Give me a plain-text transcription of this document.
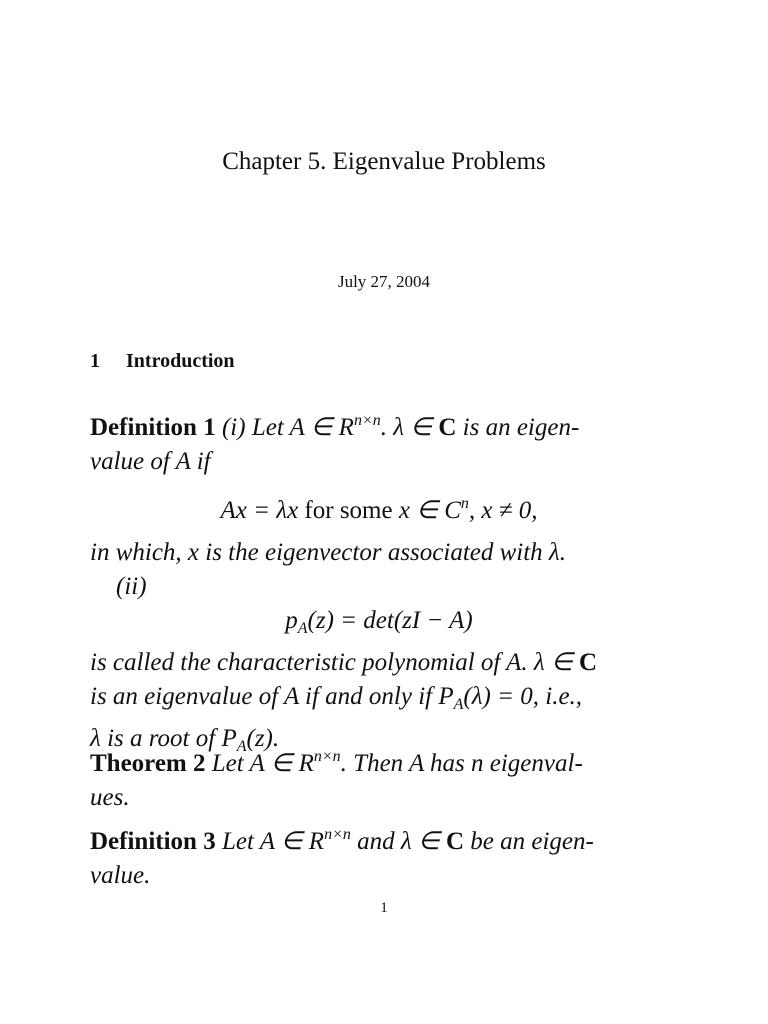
Chapter 5. Eigenvalue Problems
July 27, 2004
1 Introduction
Definition 1 (i) Let A ∈ $R^{n\times n}$. λ ∈ C is an eigen-
value of A if
Ax = λx for some x ∈ $C^n$, x ≠ 0,
in which, x is the eigenvector associated with λ.
(ii)
$p_A(z) = \det(zI - A)$
is called the characteristic polynomial of A. λ ∈ C
is an eigenvalue of A if and only if $P_A(\lambda) = 0$, i.e.,
λ is a root of $P_A(z)$.
Theorem 2 Let A ∈ $R^{n\times n}$. Then A has n eigenval-
ues.
Definition 3 Let A ∈ $R^{n\times n}$ and λ ∈ C be an eigen-
value.
1
